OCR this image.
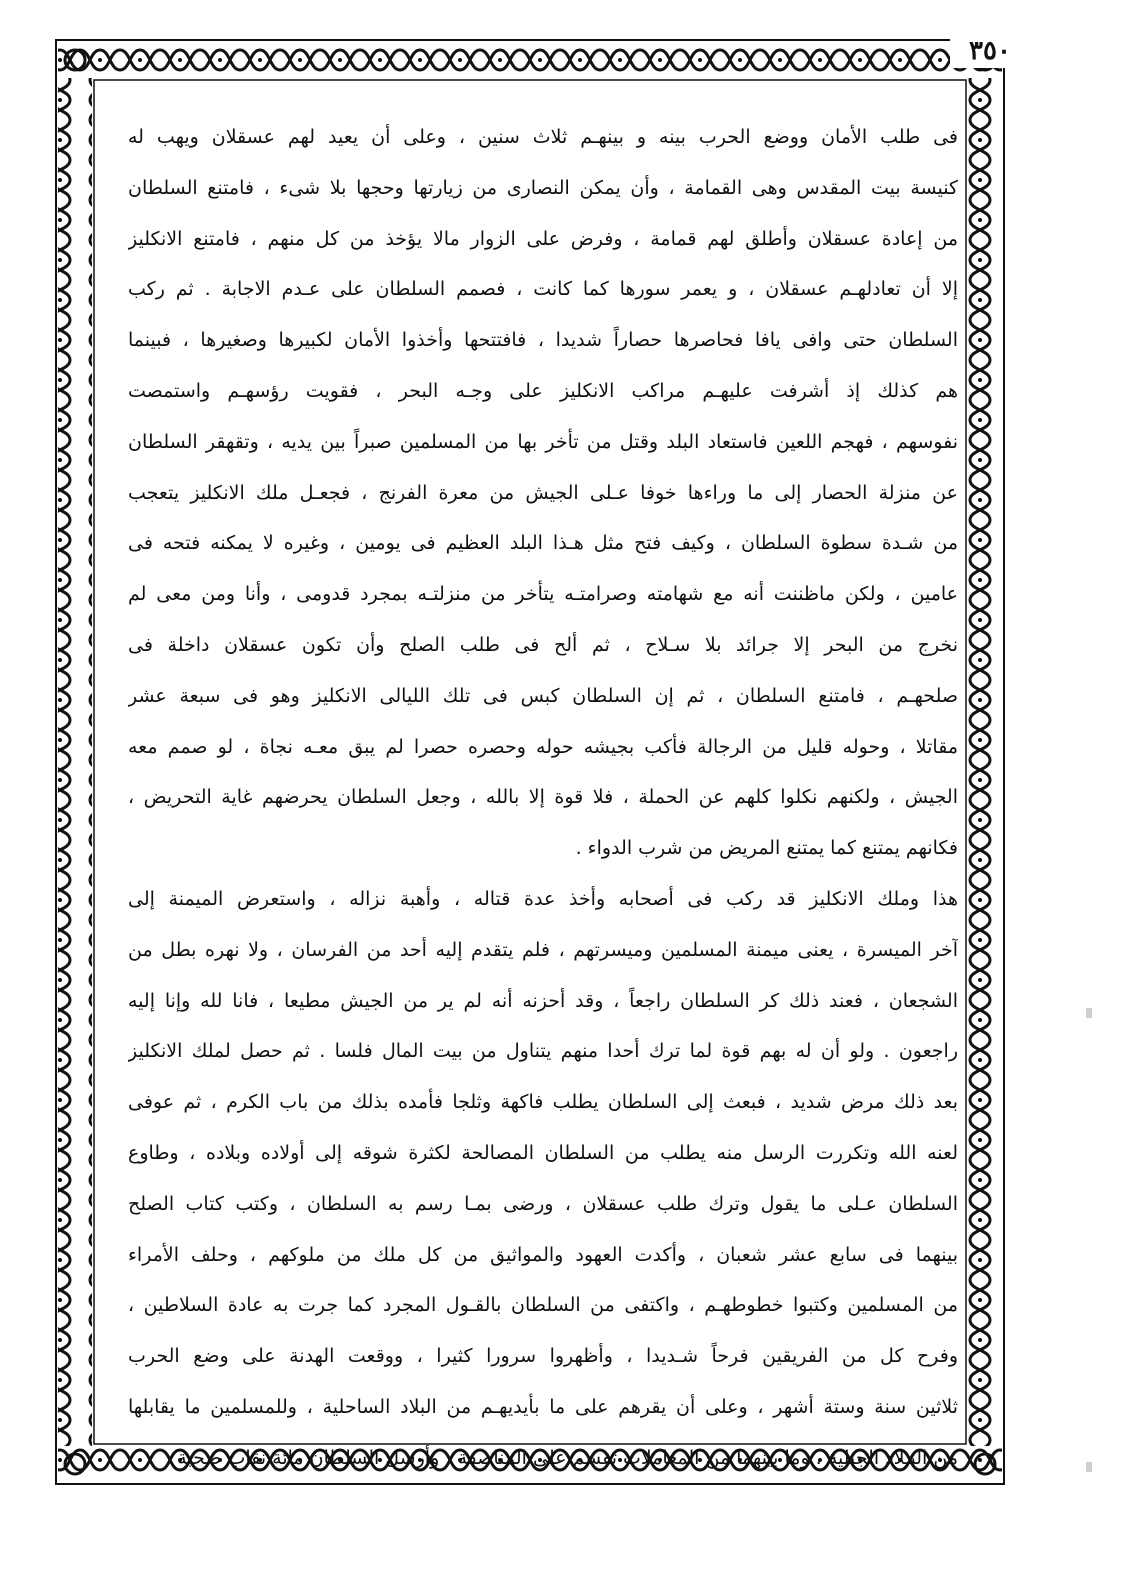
٣٥٠
فى طلب الأمان ووضع الحرب بينه و بينهـم ثلاث سنين ، وعلى أن يعيد لهم عسقلان ويهب له
كنيسة بيت المقدس وهى القمامة ، وأن يمكن النصارى من زيارتها وحجها بلا شىء ، فامتنع السلطان
من إعادة عسقلان وأطلق لهم قمامة ، وفرض على الزوار مالا يؤخذ من كل منهم ، فامتنع الانكليز
إلا أن تعادلهـم عسقلان ، و يعمر سورها كما كانت ، فصمم السلطان على عـدم الاجابة . ثم ركب
السلطان حتى وافى يافا فحاصرها حصاراً شديدا ، فافتتحها وأخذوا الأمان لكبيرها وصغيرها ، فبينما
هم كذلك إذ أشرفت عليهـم مراكب الانكليز على وجـه البحر ، فقويت رؤسهـم واستمصت
نفوسهم ، فهجم اللعين فاستعاد البلد وقتل من تأخر بها من المسلمين صبراً بين يديه ، وتقهقر السلطان
عن منزلة الحصار إلى ما وراءها خوفا عـلى الجيش من معرة الفرنج ، فجعـل ملك الانكليز يتعجب
من شـدة سطوة السلطان ، وكيف فتح مثل هـذا البلد العظيم فى يومين ، وغيره لا يمكنه فتحه فى
عامين ، ولكن ماظننت أنه مع شهامته وصرامتـه يتأخر من منزلتـه بمجرد قدومى ، وأنا ومن معى لم
نخرج من البحر إلا جرائد بلا سـلاح ، ثم ألح فى طلب الصلح وأن تكون عسقلان داخلة فى
صلحهـم ، فامتنع السلطان ، ثم إن السلطان كبس فى تلك الليالى الانكليز وهو فى سبعة عشر
مقاتلا ، وحوله قليل من الرجالة فأكب بجيشه حوله وحصره حصرا لم يبق معـه نجاة ، لو صمم معه
الجيش ، ولكنهم نكلوا كلهم عن الحملة ، فلا قوة إلا بالله ، وجعل السلطان يحرضهم غاية التحريض ،
فكانهم يمتنع كما يمتنع المريض من شرب الدواء .
هذا وملك الانكليز قد ركب فى أصحابه وأخذ عدة قتاله ، وأهبة نزاله ، واستعرض الميمنة إلى
آخر الميسرة ، يعنى ميمنة المسلمين وميسرتهم ، فلم يتقدم إليه أحد من الفرسان ، ولا نهره بطل من
الشجعان ، فعند ذلك كر السلطان راجعاً ، وقد أحزنه أنه لم ير من الجيش مطيعا ، فانا لله وإنا إليه
راجعون . ولو أن له بهم قوة لما ترك أحدا منهم يتناول من بيت المال فلسا . ثم حصل لملك الانكليز
بعد ذلك مرض شديد ، فبعث إلى السلطان يطلب فاكهة وثلجا فأمده بذلك من باب الكرم ، ثم عوفى
لعنه الله وتكررت الرسل منه يطلب من السلطان المصالحة لكثرة شوقه إلى أولاده وبلاده ، وطاوع
السلطان عـلى ما يقول وترك طلب عسقلان ، ورضى بمـا رسم به السلطان ، وكتب كتاب الصلح
بينهما فى سابع عشر شعبان ، وأكدت العهود والمواثيق من كل ملك من ملوكهم ، وحلف الأمراء
من المسلمين وكتبوا خطوطهـم ، واكتفى من السلطان بالقـول المجرد كما جرت به عادة السلاطين ،
وفرح كل من الفريقين فرحاً شـديدا ، وأظهروا سرورا كثيرا ، ووقعت الهدنة على وضع الحرب
ثلاثين سنة وستة أشهر ، وعلى أن يقرهم على ما بأيديهـم من البلاد الساحلية ، وللمسلمين ما يقابلها
من البـلاد الجبلية ، وما بينهما من المعاملات تقسم على المناصفة ، وأرسل السلطان مائة نقاب صحبة
